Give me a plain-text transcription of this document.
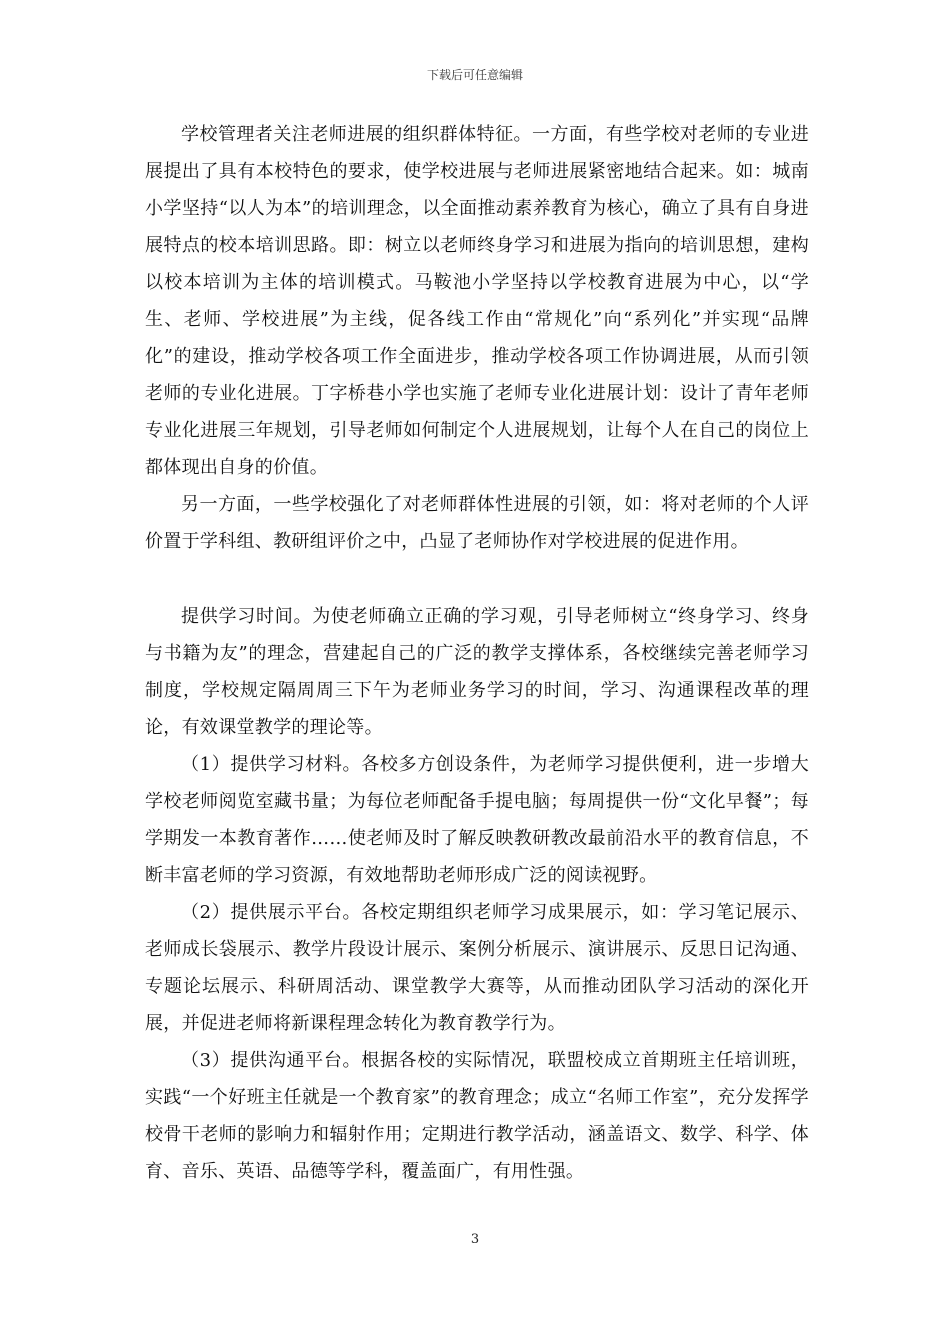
下载后可任意编辑

学校管理者关注老师进展的组织群体特征。一方面，有些学校对老师的专业进展提出了具有本校特色的要求，使学校进展与老师进展紧密地结合起来。如：城南小学坚持“以人为本”的培训理念，以全面推动素养教育为核心，确立了具有自身进展特点的校本培训思路。即：树立以老师终身学习和进展为指向的培训思想，建构以校本培训为主体的培训模式。马鞍池小学坚持以学校教育进展为中心，以“学生、老师、学校进展”为主线，促各线工作由“常规化”向“系列化”并实现“品牌化”的建设，推动学校各项工作全面进步，推动学校各项工作协调进展，从而引领老师的专业化进展。丁字桥巷小学也实施了老师专业化进展计划：设计了青年老师专业化进展三年规划，引导老师如何制定个人进展规划，让每个人在自己的岗位上都体现出自身的价值。

另一方面，一些学校强化了对老师群体性进展的引领，如：将对老师的个人评价置于学科组、教研组评价之中，凸显了老师协作对学校进展的促进作用。

提供学习时间。为使老师确立正确的学习观，引导老师树立“终身学习、终身与书籍为友”的理念，营建起自己的广泛的教学支撑体系，各校继续完善老师学习制度，学校规定隔周周三下午为老师业务学习的时间，学习、沟通课程改革的理论，有效课堂教学的理论等。

（1）提供学习材料。各校多方创设条件，为老师学习提供便利，进一步增大学校老师阅览室藏书量；为每位老师配备手提电脑；每周提供一份“文化早餐”；每学期发一本教育著作……使老师及时了解反映教研教改最前沿水平的教育信息，不断丰富老师的学习资源，有效地帮助老师形成广泛的阅读视野。

（2）提供展示平台。各校定期组织老师学习成果展示，如：学习笔记展示、老师成长袋展示、教学片段设计展示、案例分析展示、演讲展示、反思日记沟通、专题论坛展示、科研周活动、课堂教学大赛等，从而推动团队学习活动的深化开展，并促进老师将新课程理念转化为教育教学行为。

（3）提供沟通平台。根据各校的实际情况，联盟校成立首期班主任培训班，实践“一个好班主任就是一个教育家”的教育理念；成立“名师工作室”，充分发挥学校骨干老师的影响力和辐射作用；定期进行教学活动，涵盖语文、数学、科学、体育、音乐、英语、品德等学科，覆盖面广，有用性强。

3
